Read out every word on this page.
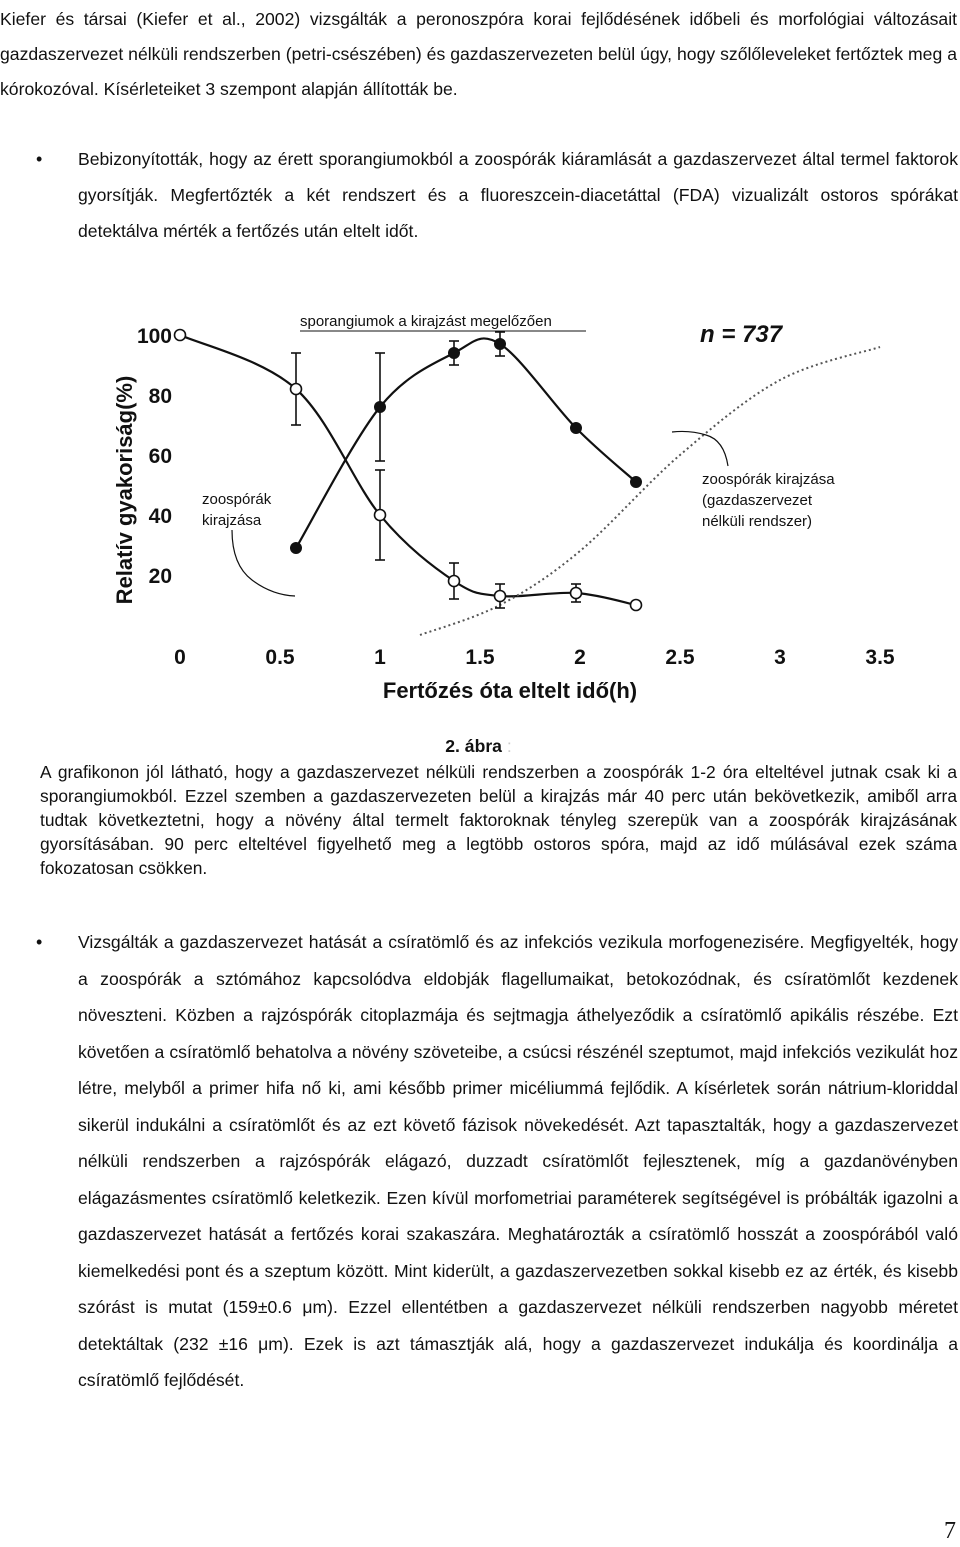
Kiefer és társai (Kiefer et al., 2002) vizsgálták a peronoszpóra korai fejlődésének időbeli és morfológiai változásait gazdaszervezet nélküli rendszerben (petri-csészében) és gazdaszervezeten belül úgy, hogy szőlőleveleket fertőztek meg a kórokozóval. Kísérleteiket 3 szempont alapján állították be.

• Bebizonyították, hogy az érett sporangiumokból a zoospórák kiáramlását a gazdaszervezet által termel faktorok gyorsítják. Megfertőzték a két rendszert és a fluoreszcein-diacetáttal (FDA) vizualizált ostoros spórákat detektálva mérték a fertőzés után eltelt időt.

20
40
60
80
100
0	0.5	1	1.5	2	2.5	3	3.5
Fertőzés óta eltelt idő(h)
Relatív gyakoriság(%)
sporangiumok a kirajzást megelőzően	n = 737
zoospórák
kirajzása
zoospórák kirajzása
(gazdaszervezet
nélküli rendszer)

2. ábra :

A grafikonon jól látható, hogy a gazdaszervezet nélküli rendszerben a zoospórák 1-2 óra elteltével jutnak csak ki a sporangiumokból. Ezzel szemben a gazdaszervezeten belül a kirajzás már 40 perc után bekövetkezik, amiből arra tudtak következtetni, hogy a növény által termelt faktoroknak tényleg szerepük van a zoospórák kirajzásának gyorsításában. 90 perc elteltével figyelhető meg a legtöbb ostoros spóra, majd az idő múlásával ezek száma fokozatosan csökken.

• Vizsgálták a gazdaszervezet hatását a csíratömlő és az infekciós vezikula morfogenezisére. Megfigyelték, hogy a zoospórák a sztómához kapcsolódva eldobják flagellumaikat, betokozódnak, és csíratömlőt kezdenek növeszteni. Közben a rajzóspórák citoplazmája és sejtmagja áthelyeződik a csíratömlő apikális részébe. Ezt követően a csíratömlő behatolva a növény szöveteibe, a csúcsi részénél szeptumot, majd infekciós vezikulát hoz létre, melyből a primer hifa nő ki, ami később primer micéliummá fejlődik. A kísérletek során nátrium-kloriddal sikerül indukálni a csíratömlőt és az ezt követő fázisok növekedését. Azt tapasztalták, hogy a gazdaszervezet nélküli rendszerben a rajzóspórák elágazó, duzzadt csíratömlőt fejlesztenek, míg a gazdanövényben elágazásmentes csíratömlő keletkezik. Ezen kívül morfometriai paraméterek segítségével is próbálták igazolni a gazdaszervezet hatását a fertőzés korai szakaszára. Meghatározták a csíratömlő hosszát a zoospórából való kiemelkedési pont és a szeptum között. Mint kiderült, a gazdaszervezetben sokkal kisebb ez az érték, és kisebb szórást is mutat (159±0.6 μm). Ezzel ellentétben a gazdaszervezet nélküli rendszerben nagyobb méretet detektáltak (232 ±16 μm). Ezek is azt támasztják alá, hogy a gazdaszervezet indukálja és koordinálja a csíratömlő fejlődését.

7
